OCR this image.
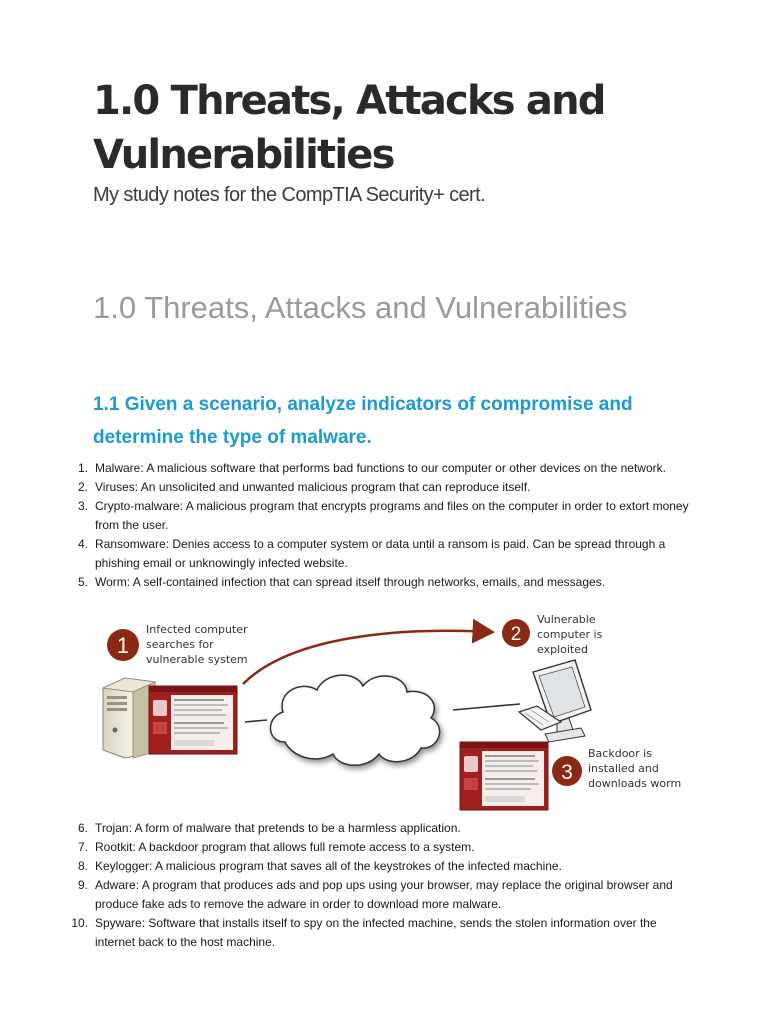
1.0 Threats, Attacks and Vulnerabilities

My study notes for the CompTIA Security+ cert.

1.0 Threats, Attacks and Vulnerabilities
1.1 Given a scenario, analyze indicators of compromise and determine the type of malware.
1. Malware: A malicious software that performs bad functions to our computer or other devices on the network.
2. Viruses: An unsolicited and unwanted malicious program that can reproduce itself.
3. Crypto-malware: A malicious program that encrypts programs and files on the computer in order to extort money from the user.
4. Ransomware: Denies access to a computer system or data until a ransom is paid. Can be spread through a phishing email or unknowingly infected website.
5. Worm: A self-contained infection that can spread itself through networks, emails, and messages.
1	2
3

Infected computer searches for vulnerable system

Vulnerable computer is exploited

Backdoor is installed and downloads worm

6. Trojan: A form of malware that pretends to be a harmless application.
7. Rootkit: A backdoor program that allows full remote access to a system.
8. Keylogger: A malicious program that saves all of the keystrokes of the infected machine.
9. Adware: A program that produces ads and pop ups using your browser, may replace the original browser and produce fake ads to remove the adware in order to download more malware.
10. Spyware: Software that installs itself to spy on the infected machine, sends the stolen information over the internet back to the host machine.
